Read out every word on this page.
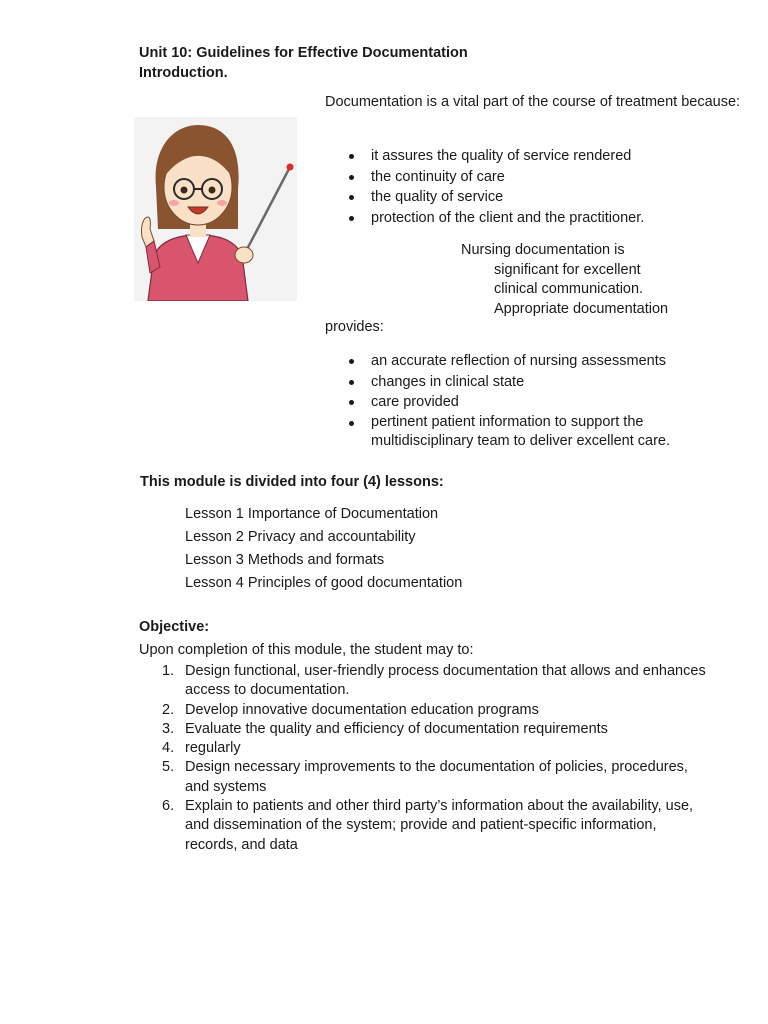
Unit 10: Guidelines for Effective Documentation
Introduction.
Documentation is a vital part of the course of treatment because:
it assures the quality of service rendered
the continuity of care
the quality of service
protection of the client and the practitioner.
Nursing documentation is
significant for excellent
clinical communication.
Appropriate documentation
provides:
an accurate reflection of nursing assessments
changes in clinical state
care provided
pertinent patient information to support the multidisciplinary team to deliver excellent care.
This module is divided into four (4) lessons:
Lesson 1 Importance of Documentation
Lesson 2 Privacy and accountability
Lesson 3 Methods and formats
Lesson 4 Principles of good documentation
Objective:
Upon completion of this module, the student may to:
1. Design functional, user-friendly process documentation that allows and enhances access to documentation.
2. Develop innovative documentation education programs
3. Evaluate the quality and efficiency of documentation requirements
4. regularly
5. Design necessary improvements to the documentation of policies, procedures, and systems
6. Explain to patients and other third party’s information about the availability, use, and dissemination of the system; provide and patient-specific information, records, and data
